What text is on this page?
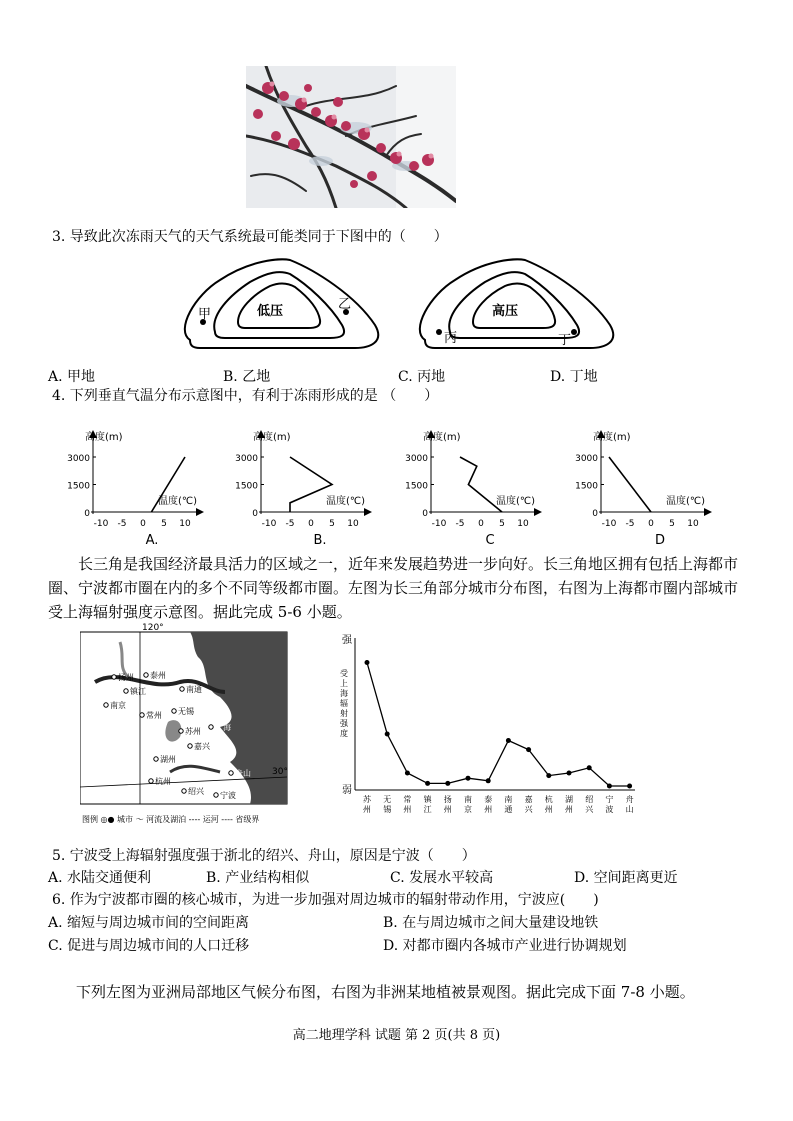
3. 导致此次冻雨天气的天气系统最可能类同于下图中的（　　）
低压
甲
乙	高压
丙	丁
A. 甲地	B. 乙地	C. 丙地	D. 丁地
4. 下列垂直气温分布示意图中，有利于冻雨形成的是 （　　）
高度(m)
3000
1500
0
-10 -5 0 5 10
温度(℃)
A.
高度(m)
3000
1500
0
-10 -5 0 5 10
温度(℃)
B.
高度(m)
3000
1500
0
-10 -5 0 5 10
温度(℃)
C
高度(m)
3000
1500
0
-10 -5 0 5 10
温度(℃)
D
长三角是我国经济最具活力的区域之一，近年来发展趋势进一步向好。长三角地区拥有包括上海都市圈、宁波都市圈在内的多个不同等级都市圈。左图为长三角部分城市分布图，右图为上海都市圈内部城市受上海辐射强度示意图。据此完成 5-6 小题。
120°
30°
扬州 泰州
南通
镇江
南京
常州 无锡
上海
苏州
嘉兴
湖州
杭州
舟山
绍兴 宁波
图例 ◎● 城市 ～ 河流及湖泊 ---- 运河 ---- 省级界
强
弱
受
上
海
辐
射
强
度
苏
州
无
锡
常
州
镇
江
扬
州
南
京
泰
州
南
通
嘉
兴
杭
州
湖
州
绍
兴
宁
波
舟
山
5. 宁波受上海辐射强度强于浙北的绍兴、舟山，原因是宁波（　　）
A. 水陆交通便利	B. 产业结构相似	C. 发展水平较高	D. 空间距离更近
6. 作为宁波都市圈的核心城市，为进一步加强对周边城市的辐射带动作用，宁波应(　　)
A. 缩短与周边城市间的空间距离	B. 在与周边城市之间大量建设地铁
C. 促进与周边城市间的人口迁移	D. 对都市圈内各城市产业进行协调规划
下列左图为亚洲局部地区气候分布图，右图为非洲某地植被景观图。据此完成下面 7-8 小题。
高二地理学科 试题 第 2 页(共 8 页)
